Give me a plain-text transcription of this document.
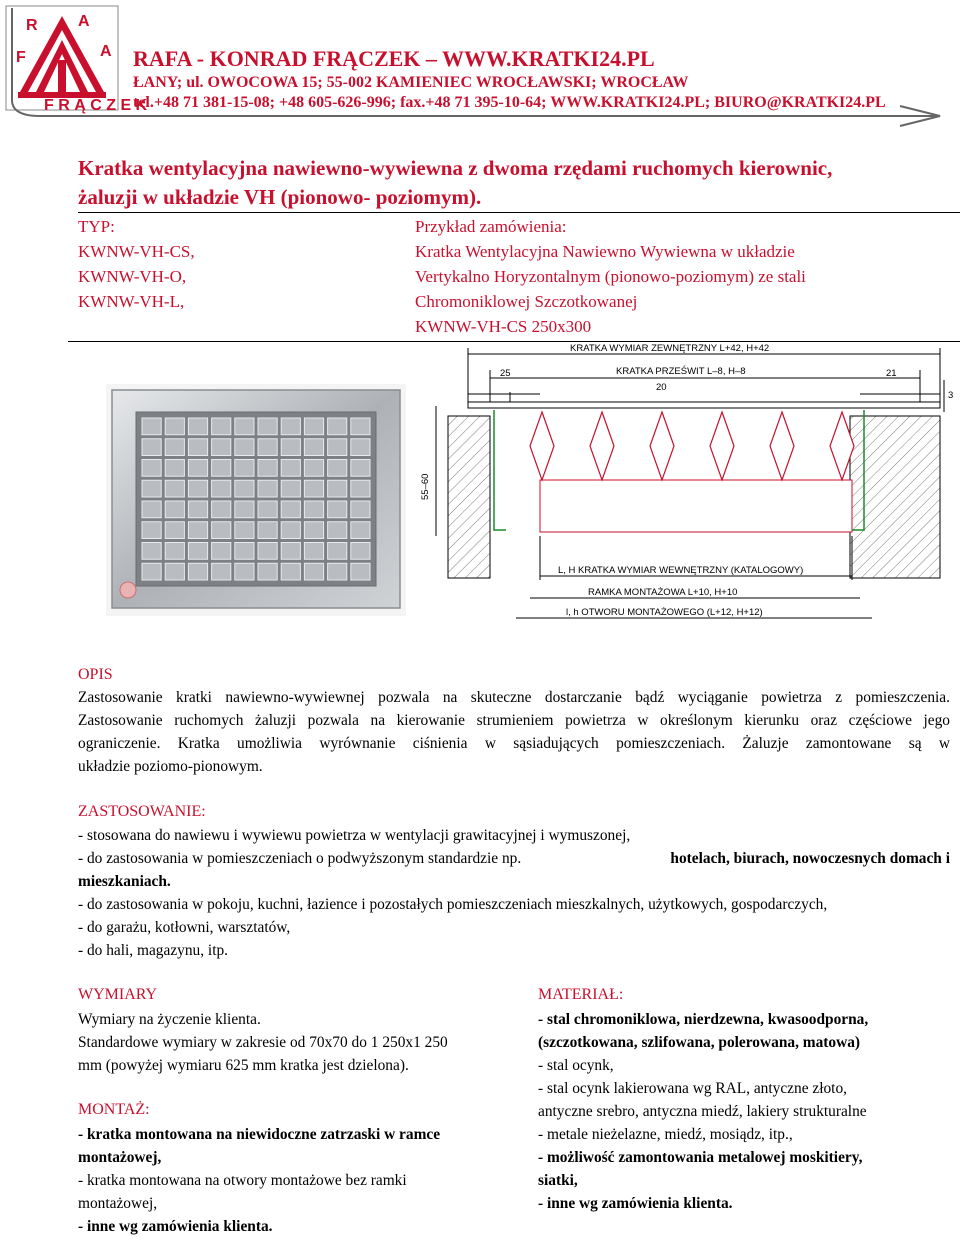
R	A
F	A
F R Ą C Z E K
RAFA - KONRAD FRĄCZEK – WWW.KRATKI24.PL
ŁANY; ul. OWOCOWA 15; 55-002 KAMIENIEC WROCŁAWSKI; WROCŁAW
tel.+48 71 381-15-08; +48 605-626-996; fax.+48 71 395-10-64; WWW.KRATKI24.PL; BIURO@KRATKI24.PL
Kratka wentylacyjna nawiewno-wywiewna z dwoma rzędami ruchomych kierownic,
żaluzji w układzie VH (pionowo- poziomym).
TYP:
KWNW-VH-CS,
KWNW-VH-O,
KWNW-VH-L,
Przykład zamówienia:
Kratka Wentylacyjna Nawiewno Wywiewna w układzie
Vertykalno Horyzontalnym (pionowo-poziomym) ze stali
Chromoniklowej Szczotkowanej
KWNW-VH-CS 250x300
KRATKA WYMIAR ZEWNĘTRZNY L+42, H+42
KRATKA PRZEŚWIT L–8, H–8
25
20
21
3
55–60
L, H KRATKA WYMIAR WEWNĘTRZNY (KATALOGOWY)
RAMKA MONTAŻOWA L+10, H+10
l, h OTWORU MONTAŻOWEGO (L+12, H+12)
OPIS
Zastosowanie kratki nawiewno-wywiewnej pozwala na skuteczne dostarczanie bądź wyciąganie powietrza z pomieszczenia.
Zastosowanie ruchomych żaluzji pozwala na kierowanie strumieniem powietrza w określonym kierunku oraz częściowe jego
ograniczenie. Kratka umożliwia wyrównanie ciśnienia w sąsiadujących pomieszczeniach. Żaluzje zamontowane są w
układzie poziomo-pionowym.
ZASTOSOWANIE:
- stosowana do nawiewu i wywiewu powietrza w wentylacji grawitacyjnej i wymuszonej,
- do zastosowania w pomieszczeniach o podwyższonym standardzie np.	hotelach, biurach, nowoczesnych domach i
mieszkaniach.
- do zastosowania w pokoju, kuchni, łazience i pozostałych pomieszczeniach mieszkalnych, użytkowych, gospodarczych,
- do garażu, kotłowni, warsztatów,
- do hali, magazynu, itp.
WYMIARY
Wymiary na życzenie klienta.
Standardowe wymiary w zakresie od 70x70 do 1 250x1 250
mm (powyżej wymiaru 625 mm kratka jest dzielona).
MONTAŻ:
- kratka montowana na niewidoczne zatrzaski w ramce
montażowej,
- kratka montowana na otwory montażowe bez ramki
montażowej,
- inne wg zamówienia klienta.
MATERIAŁ:
- stal chromoniklowa, nierdzewna, kwasoodporna,
(szczotkowana, szlifowana, polerowana, matowa)
- stal ocynk,
- stal ocynk lakierowana wg RAL, antyczne złoto,
antyczne srebro, antyczna miedź, lakiery strukturalne
- metale nieżelazne, miedź, mosiądz, itp.,
- możliwość zamontowania metalowej moskitiery,
siatki,
- inne wg zamówienia klienta.
